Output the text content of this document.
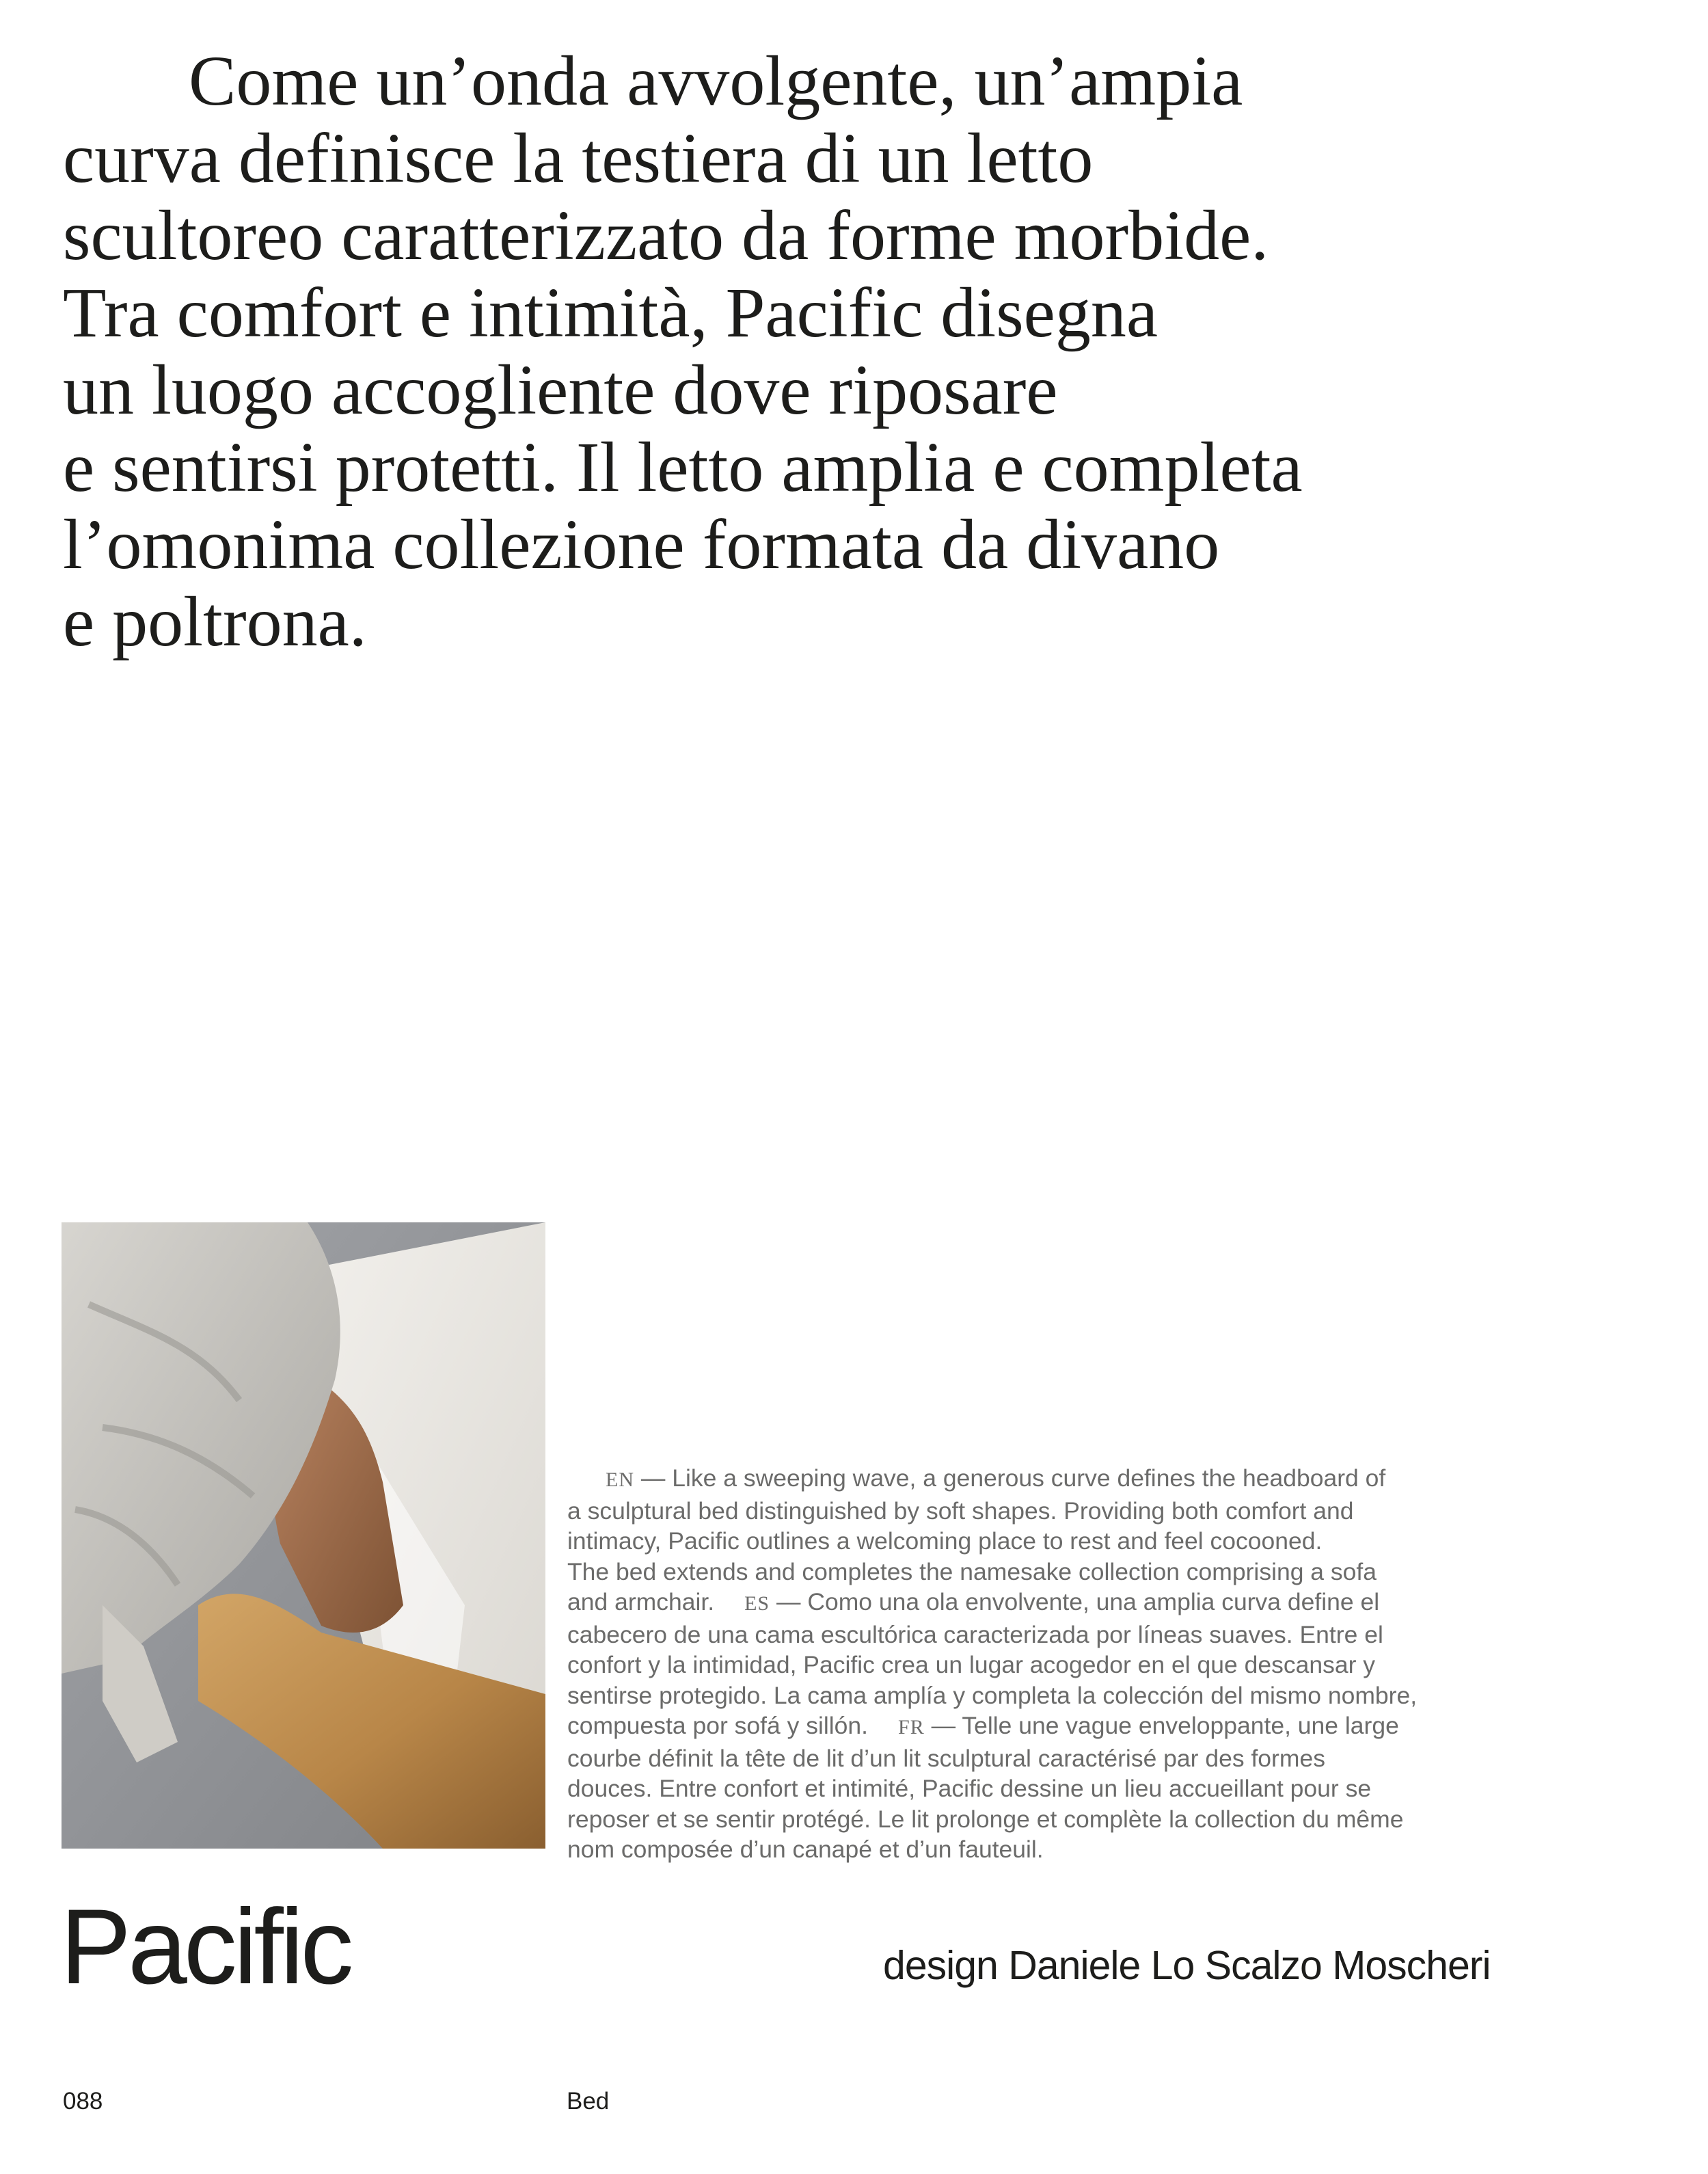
Come un’onda avvolgente, un’ampia
curva definisce la testiera di un letto
scultoreo caratterizzato da forme morbide.
Tra comfort e intimità, Pacific disegna
un luogo accogliente dove riposare
e sentirsi protetti. Il letto amplia e completa
l’omonima collezione formata da divano
e poltrona.
EN — Like a sweeping wave, a generous curve defines the headboard of
a sculptural bed distinguished by soft shapes. Providing both comfort and
intimacy, Pacific outlines a welcoming place to rest and feel cocooned.
The bed extends and completes the namesake collection comprising a sofa
and armchair. ES — Como una ola envolvente, una amplia curva define el
cabecero de una cama escultórica caracterizada por líneas suaves. Entre el
confort y la intimidad, Pacific crea un lugar acogedor en el que descansar y
sentirse protegido. La cama amplía y completa la colección del mismo nombre,
compuesta por sofá y sillón. FR — Telle une vague enveloppante, une large
courbe définit la tête de lit d’un lit sculptural caractérisé par des formes
douces. Entre confort et intimité, Pacific dessine un lieu accueillant pour se
reposer et se sentir protégé. Le lit prolonge et complète la collection du même
nom composée d’un canapé et d’un fauteuil.
Pacific	design Daniele Lo Scalzo Moscheri
088	Bed
